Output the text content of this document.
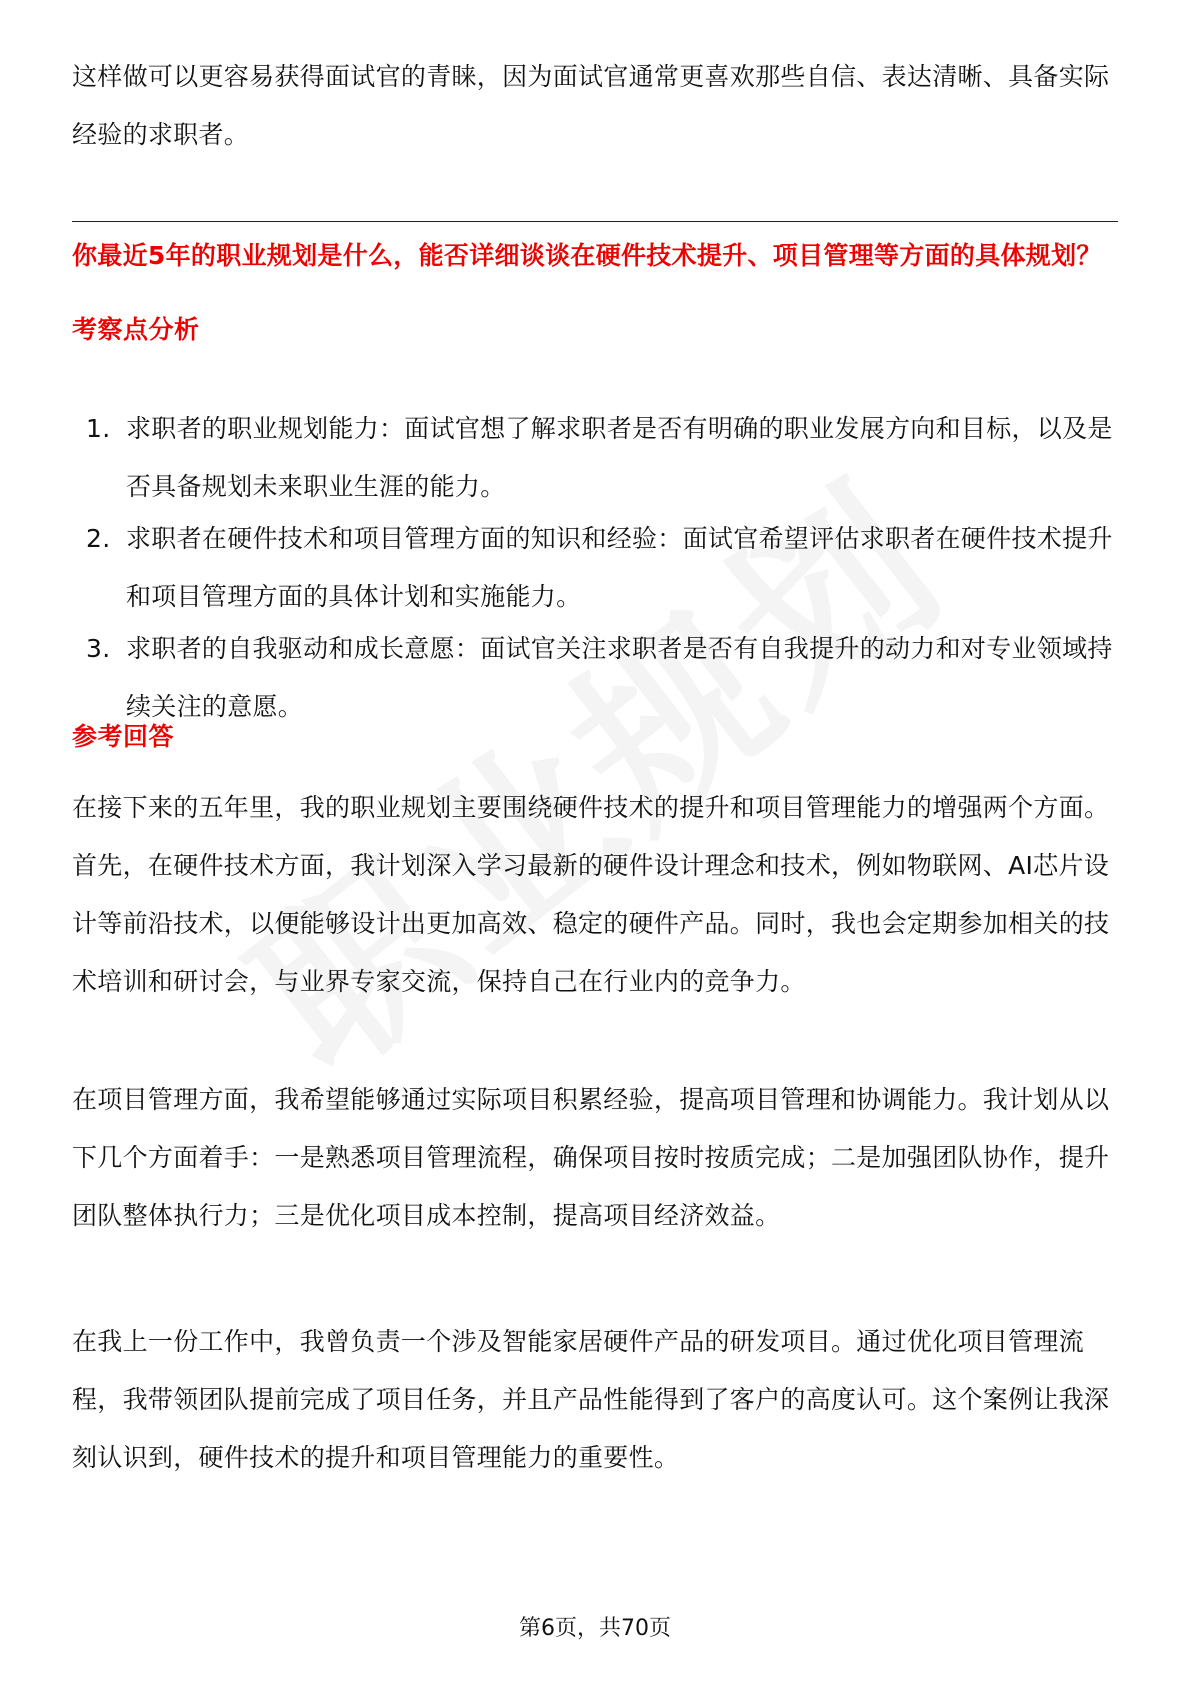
这样做可以更容易获得面试官的青睐，因为面试官通常更喜欢那些自信、表达清晰、具备实际经验的求职者。

你最近5年的职业规划是什么，能否详细谈谈在硬件技术提升、项目管理等方面的具体规划？

考察点分析
1. 求职者的职业规划能力：面试官想了解求职者是否有明确的职业发展方向和目标，以及是否具备规划未来职业生涯的能力。
2. 求职者在硬件技术和项目管理方面的知识和经验：面试官希望评估求职者在硬件技术提升和项目管理方面的具体计划和实施能力。
3. 求职者的自我驱动和成长意愿：面试官关注求职者是否有自我提升的动力和对专业领域持续关注的意愿。
参考回答

在接下来的五年里，我的职业规划主要围绕硬件技术的提升和项目管理能力的增强两个方面。首先，在硬件技术方面，我计划深入学习最新的硬件设计理念和技术，例如物联网、AI芯片设计等前沿技术，以便能够设计出更加高效、稳定的硬件产品。同时，我也会定期参加相关的技术培训和研讨会，与业界专家交流，保持自己在行业内的竞争力。

在项目管理方面，我希望能够通过实际项目积累经验，提高项目管理和协调能力。我计划从以下几个方面着手：一是熟悉项目管理流程，确保项目按时按质完成；二是加强团队协作，提升团队整体执行力；三是优化项目成本控制，提高项目经济效益。

在我上一份工作中，我曾负责一个涉及智能家居硬件产品的研发项目。通过优化项目管理流程，我带领团队提前完成了项目任务，并且产品性能得到了客户的高度认可。这个案例让我深刻认识到，硬件技术的提升和项目管理能力的重要性。

第6页，共70页
